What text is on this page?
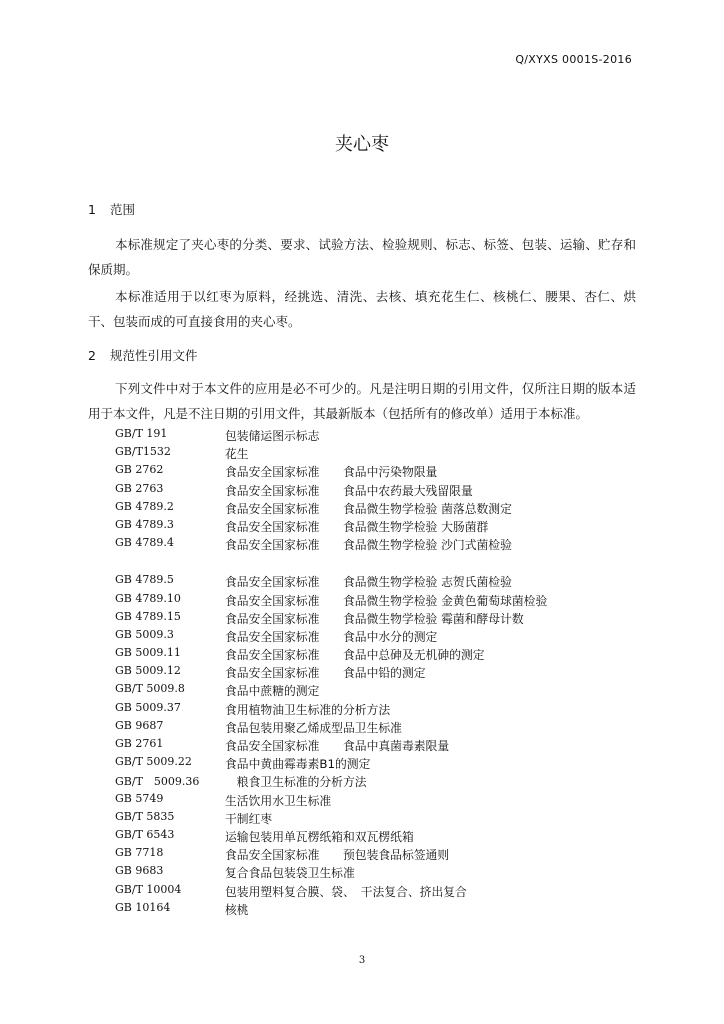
Q/XYXS 0001S-2016
夹心枣
1 范围
本标准规定了夹心枣的分类、要求、试验方法、检验规则、标志、标签、包装、运输、贮存和保质期。
本标准适用于以红枣为原料，经挑选、清洗、去核、填充花生仁、核桃仁、腰果、杏仁、烘干、包装而成的可直接食用的夹心枣。
2 规范性引用文件
下列文件中对于本文件的应用是必不可少的。凡是注明日期的引用文件，仅所注日期的版本适用于本文件，凡是不注日期的引用文件，其最新版本（包括所有的修改单）适用于本标准。
GB/T 191	包装储运图示标志
GB/T1532	花生
GB 2762	食品安全国家标准　　食品中污染物限量
GB 2763	食品安全国家标准　　食品中农药最大残留限量
GB 4789.2	食品安全国家标准　　食品微生物学检验 菌落总数测定
GB 4789.3	食品安全国家标准　　食品微生物学检验 大肠菌群
GB 4789.4	食品安全国家标准　　食品微生物学检验 沙门式菌检验
GB 4789.5	食品安全国家标准　　食品微生物学检验 志贺氏菌检验
GB 4789.10	食品安全国家标准　　食品微生物学检验 金黄色葡萄球菌检验
GB 4789.15	食品安全国家标准　　食品微生物学检验 霉菌和酵母计数
GB 5009.3	食品安全国家标准　　食品中水分的测定
GB 5009.11	食品安全国家标准　　食品中总砷及无机砷的测定
GB 5009.12	食品安全国家标准　　食品中铅的测定
GB/T 5009.8	食品中蔗糖的测定
GB 5009.37	食用植物油卫生标准的分析方法
GB 9687	食品包装用聚乙烯成型品卫生标准
GB 2761	食品安全国家标准　　食品中真菌毒素限量
GB/T 5009.22	食品中黄曲霉毒素B1的测定
GB/T　5009.36 　粮食卫生标准的分析方法
GB 5749	生活饮用水卫生标准
GB/T 5835	干制红枣
GB/T 6543	运输包装用单瓦楞纸箱和双瓦楞纸箱
GB 7718	食品安全国家标准　　预包装食品标签通则
GB 9683	复合食品包装袋卫生标准
GB/T 10004	包装用塑料复合膜、袋、　干法复合、挤出复合
GB 10164	核桃
3
